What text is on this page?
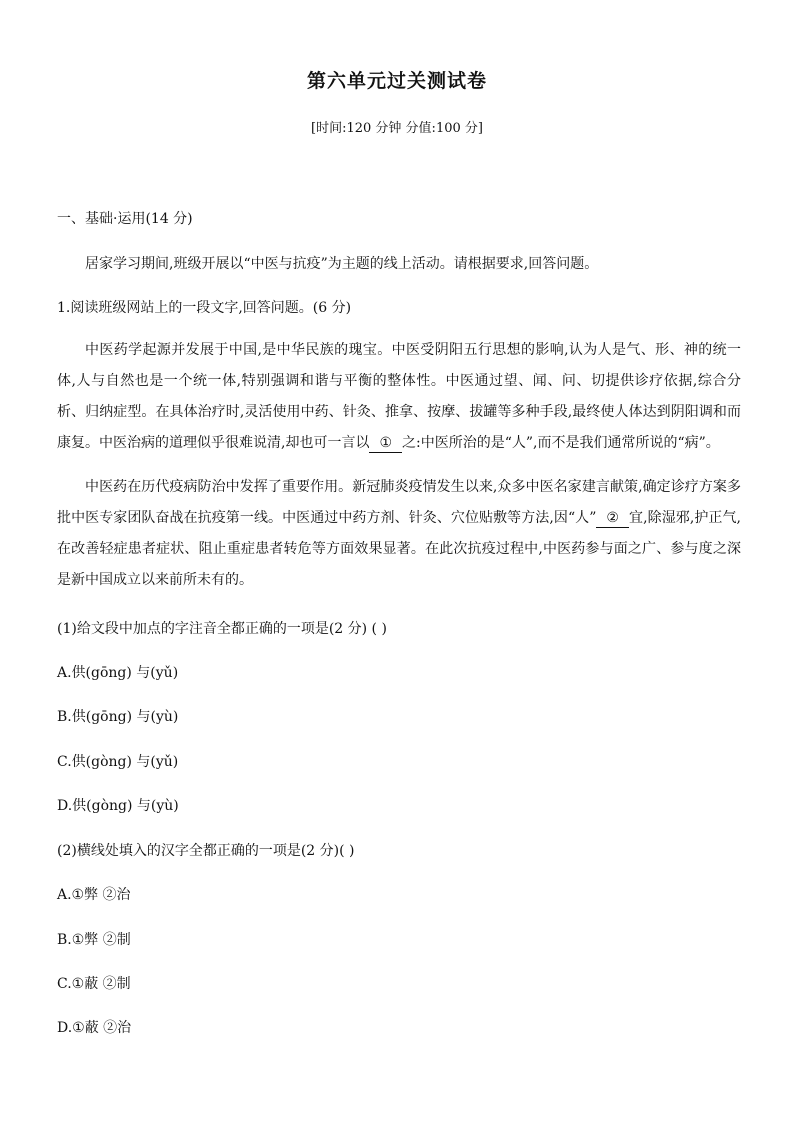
第六单元过关测试卷
[时间:120 分钟 分值:100 分]
一、基础·运用(14 分)
居家学习期间,班级开展以“中医与抗疫”为主题的线上活动。请根据要求,回答问题。
1.阅读班级网站上的一段文字,回答问题。(6 分)
中医药学起源并发展于中国,是中华民族的瑰宝。中医受阴阳五行思想的影响,认为人是气、形、神的统一体,人与自然也是一个统一体,特别强调和谐与平衡的整体性。中医通过望、闻、问、切提供诊疗依据,综合分析、归纳症型。在具体治疗时,灵活使用中药、针灸、推拿、按摩、拔罐等多种手段,最终使人体达到阴阳调和而康复。中医治病的道理似乎很难说清,却也可一言以 ① 之:中医所治的是“人”,而不是我们通常所说的“病”。
中医药在历代疫病防治中发挥了重要作用。新冠肺炎疫情发生以来,众多中医名家建言献策,确定诊疗方案多批中医专家团队奋战在抗疫第一线。中医通过中药方剂、针灸、穴位贴敷等方法,因“人” ② 宜,除湿邪,护正气,在改善轻症患者症状、阻止重症患者转危等方面效果显著。在此次抗疫过程中,中医药参与面之广、参与度之深是新中国成立以来前所未有的。
(1)给文段中加点的字注音全都正确的一项是(2 分) ( )
A.供(gōng) 与(yǔ)
B.供(gōng) 与(yù)
C.供(gòng) 与(yǔ)
D.供(gòng) 与(yù)
(2)横线处填入的汉字全都正确的一项是(2 分)( )
A.①弊 ②治
B.①弊 ②制
C.①蔽 ②制
D.①蔽 ②治
